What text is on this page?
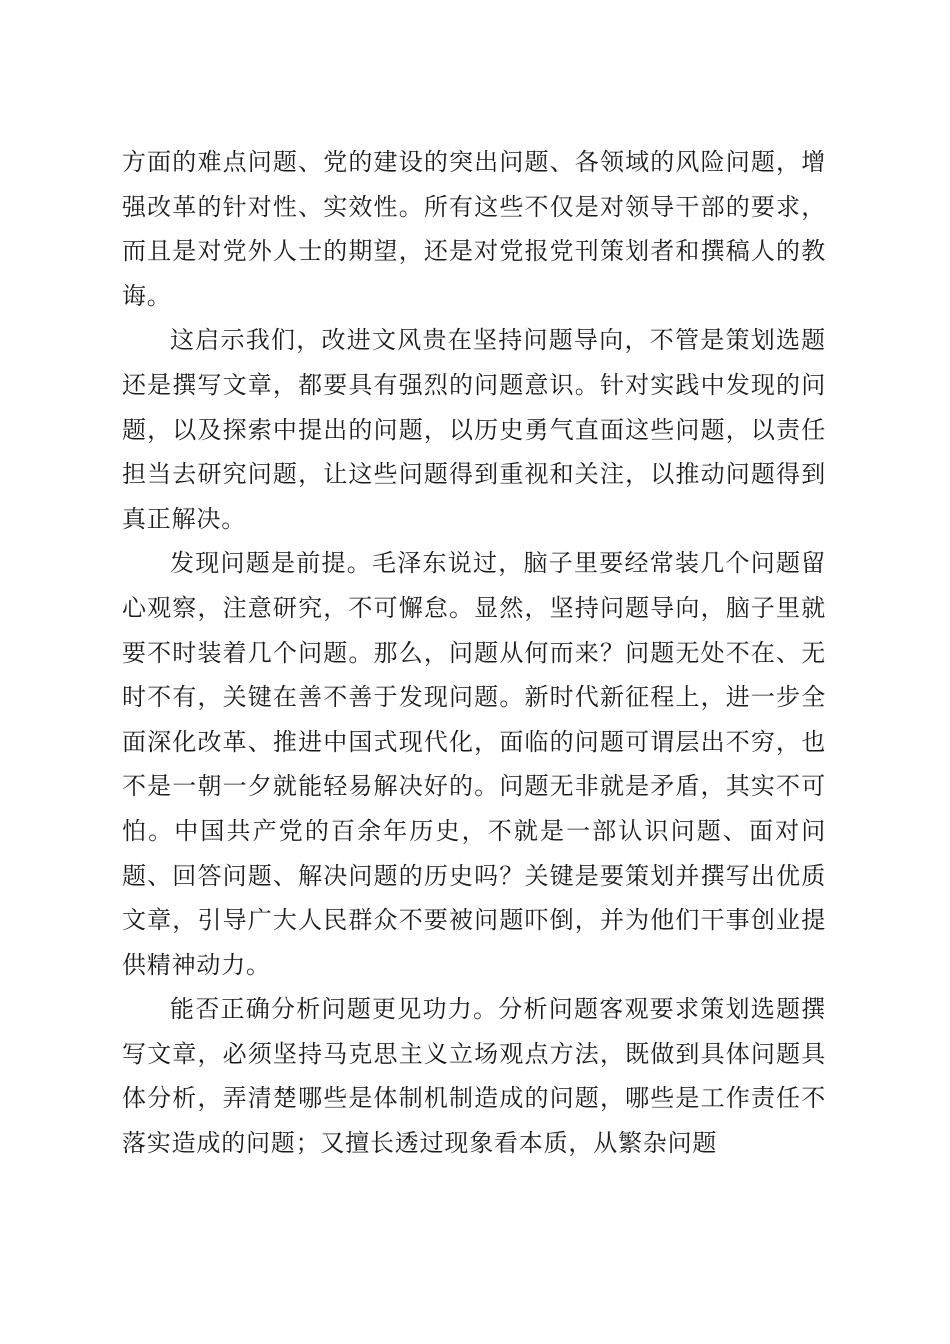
方面的难点问题、党的建设的突出问题、各领域的风险问题，增强改革的针对性、实效性。所有这些不仅是对领导干部的要求，而且是对党外人士的期望，还是对党报党刊策划者和撰稿人的教诲。

这启示我们，改进文风贵在坚持问题导向，不管是策划选题还是撰写文章，都要具有强烈的问题意识。针对实践中发现的问题，以及探索中提出的问题，以历史勇气直面这些问题，以责任担当去研究问题，让这些问题得到重视和关注，以推动问题得到真正解决。

发现问题是前提。毛泽东说过，脑子里要经常装几个问题留心观察，注意研究，不可懈怠。显然，坚持问题导向，脑子里就要不时装着几个问题。那么，问题从何而来？问题无处不在、无时不有，关键在善不善于发现问题。新时代新征程上，进一步全面深化改革、推进中国式现代化，面临的问题可谓层出不穷，也不是一朝一夕就能轻易解决好的。问题无非就是矛盾，其实不可怕。中国共产党的百余年历史，不就是一部认识问题、面对问题、回答问题、解决问题的历史吗？关键是要策划并撰写出优质文章，引导广大人民群众不要被问题吓倒，并为他们干事创业提供精神动力。

能否正确分析问题更见功力。分析问题客观要求策划选题撰写文章，必须坚持马克思主义立场观点方法，既做到具体问题具体分析，弄清楚哪些是体制机制造成的问题，哪些是工作责任不落实造成的问题；又擅长透过现象看本质，从繁杂问题
